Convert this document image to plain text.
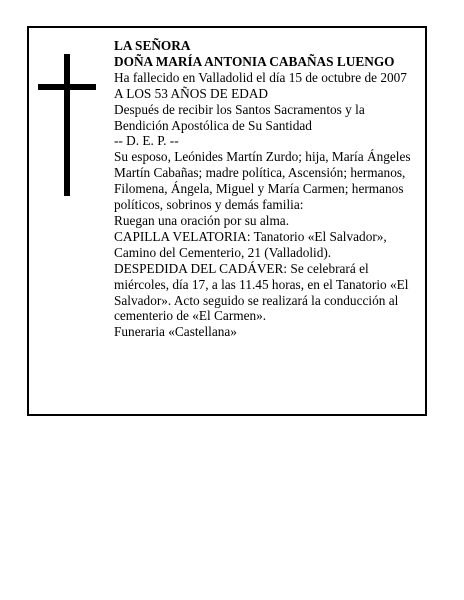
LA SEÑORA

DOÑA MARÍA ANTONIA CABAÑAS LUENGO

Ha fallecido en Valladolid el día 15 de octubre de 2007

A LOS 53 AÑOS DE EDAD

Después de recibir los Santos Sacramentos y la Bendición Apostólica de Su Santidad

-- D. E. P. --

Su esposo, Leónides Martín Zurdo; hija, María Ángeles Martín Cabañas; madre política, Ascensión; hermanos, Filomena, Ángela, Miguel y María Carmen; hermanos políticos, sobrinos y demás familia:

Ruegan una oración por su alma.

CAPILLA VELATORIA: Tanatorio «El Salvador», Camino del Cementerio, 21 (Valladolid).

DESPEDIDA DEL CADÁVER: Se celebrará el miércoles, día 17, a las 11.45 horas, en el Tanatorio «El Salvador». Acto seguido se realizará la conducción al cementerio de «El Carmen».

Funeraria «Castellana»
